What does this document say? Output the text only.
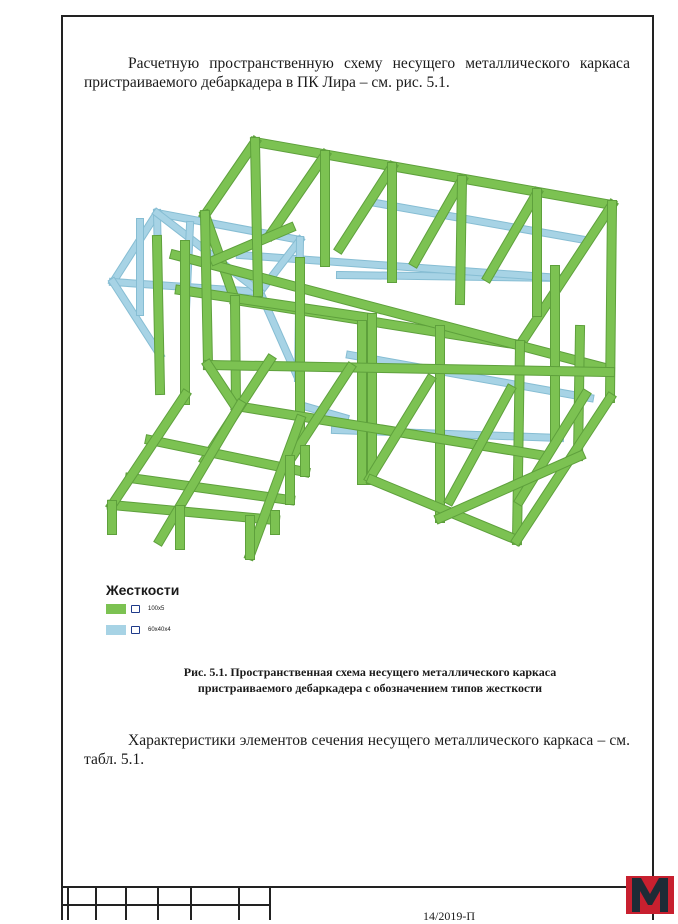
Расчетную пространственную схему несущего металлического каркаса пристраиваемого дебаркадера в ПК Лира – см. рис. 5.1.

Жесткости
100x5
60x40x4
Рис. 5.1. Пространственная схема несущего металлического каркаса
пристраиваемого дебаркадера с обозначением типов жесткости

Характеристики элементов сечения несущего металлического каркаса – см. табл. 5.1.

14/2019-П
